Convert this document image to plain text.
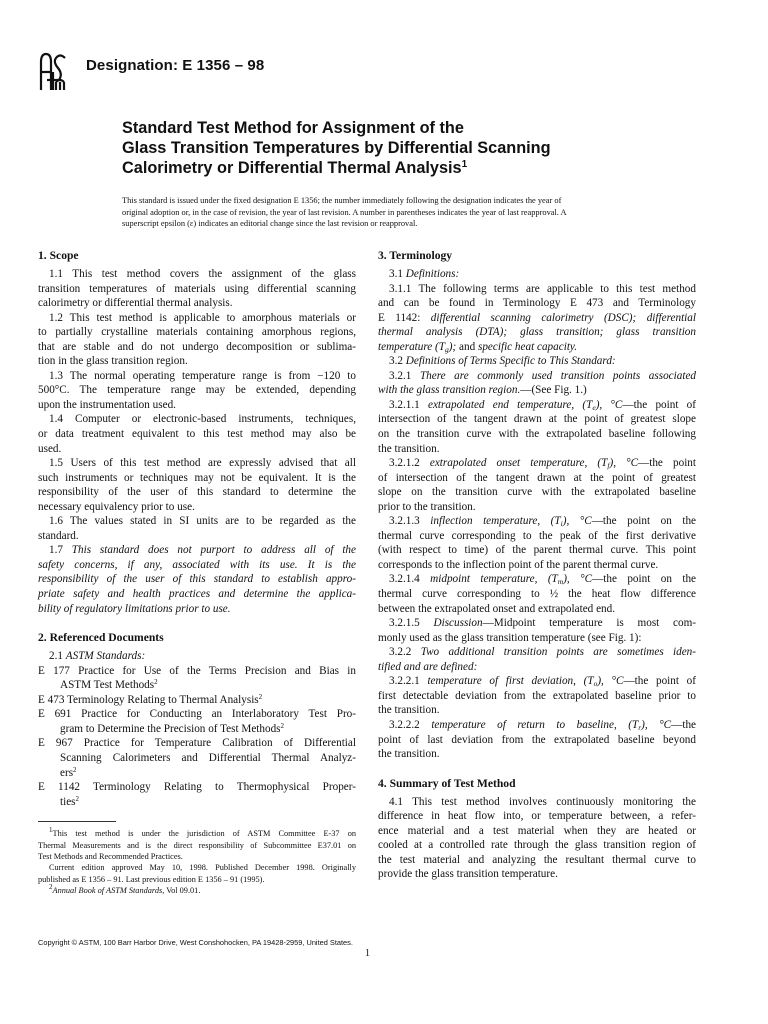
Designation: E 1356 – 98
Standard Test Method for Assignment of the
Glass Transition Temperatures by Differential Scanning
Calorimetry or Differential Thermal Analysis$^1$
This standard is issued under the fixed designation E 1356; the number immediately following the designation indicates the year of
original adoption or, in the case of revision, the year of last revision. A number in parentheses indicates the year of last reapproval. A
superscript epsilon (ε) indicates an editorial change since the last revision or reapproval.
1. Scope
1.1 This test method covers the assignment of the glass
transition temperatures of materials using differential scanning
calorimetry or differential thermal analysis.
1.2 This test method is applicable to amorphous materials or
to partially crystalline materials containing amorphous regions,
that are stable and do not undergo decomposition or sublima-
tion in the glass transition region.
1.3 The normal operating temperature range is from −120 to
500°C. The temperature range may be extended, depending
upon the instrumentation used.
1.4 Computer or electronic-based instruments, techniques,
or data treatment equivalent to this test method may also be
used.
1.5 Users of this test method are expressly advised that all
such instruments or techniques may not be equivalent. It is the
responsibility of the user of this standard to determine the
necessary equivalency prior to use.
1.6 The values stated in SI units are to be regarded as the
standard.
1.7 This standard does not purport to address all of the
safety concerns, if any, associated with its use. It is the
responsibility of the user of this standard to establish appro-
priate safety and health practices and determine the applica-
bility of regulatory limitations prior to use.
2. Referenced Documents
2.1 ASTM Standards:
E 177 Practice for Use of the Terms Precision and Bias in
ASTM Test Methods$^2$
E 473 Terminology Relating to Thermal Analysis$^2$
E 691 Practice for Conducting an Interlaboratory Test Pro-
gram to Determine the Precision of Test Methods$^2$
E 967 Practice for Temperature Calibration of Differential
Scanning Calorimeters and Differential Thermal Analyz-
ers$^2$
E 1142 Terminology Relating to Thermophysical Proper-
ties$^2$
$^1$This test method is under the jurisdiction of ASTM Committee E-37 on
Thermal Measurements and is the direct responsibility of Subcommittee E37.01 on
Test Methods and Recommended Practices.
Current edition approved May 10, 1998. Published December 1998. Originally
published as E 1356 – 91. Last previous edition E 1356 – 91 (1995).
$^2$Annual Book of ASTM Standards, Vol 09.01.
3. Terminology
3.1 Definitions:
3.1.1 The following terms are applicable to this test method
and can be found in Terminology E 473 and Terminology
E 1142: differential scanning calorimetry (DSC); differential
thermal analysis (DTA); glass transition; glass transition
temperature $(T_g)$; and specific heat capacity.
3.2 Definitions of Terms Specific to This Standard:
3.2.1 There are commonly used transition points associated
with the glass transition region.—(See Fig. 1.)
3.2.1.1 extrapolated end temperature, $(T_e)$, °C—the point of
intersection of the tangent drawn at the point of greatest slope
on the transition curve with the extrapolated baseline following
the transition.
3.2.1.2 extrapolated onset temperature, $(T_f)$, °C—the point
of intersection of the tangent drawn at the point of greatest
slope on the transition curve with the extrapolated baseline
prior to the transition.
3.2.1.3 inflection temperature, $(T_i)$, °C—the point on the
thermal curve corresponding to the peak of the first derivative
(with respect to time) of the parent thermal curve. This point
corresponds to the inflection point of the parent thermal curve.
3.2.1.4 midpoint temperature, $(T_m)$, °C—the point on the
thermal curve corresponding to ½ the heat flow difference
between the extrapolated onset and extrapolated end.
3.2.1.5 Discussion—Midpoint temperature is most com-
monly used as the glass transition temperature (see Fig. 1):
3.2.2 Two additional transition points are sometimes iden-
tified and are defined:
3.2.2.1 temperature of first deviation, $(T_o)$, °C—the point of
first detectable deviation from the extrapolated baseline prior to
the transition.
3.2.2.2 temperature of return to baseline, $(T_r)$, °C—the
point of last deviation from the extrapolated baseline beyond
the transition.
4. Summary of Test Method
4.1 This test method involves continuously monitoring the
difference in heat flow into, or temperature between, a refer-
ence material and a test material when they are heated or
cooled at a controlled rate through the glass transition region of
the test material and analyzing the resultant thermal curve to
provide the glass transition temperature.
Copyright © ASTM, 100 Barr Harbor Drive, West Conshohocken, PA 19428-2959, United States.
1
